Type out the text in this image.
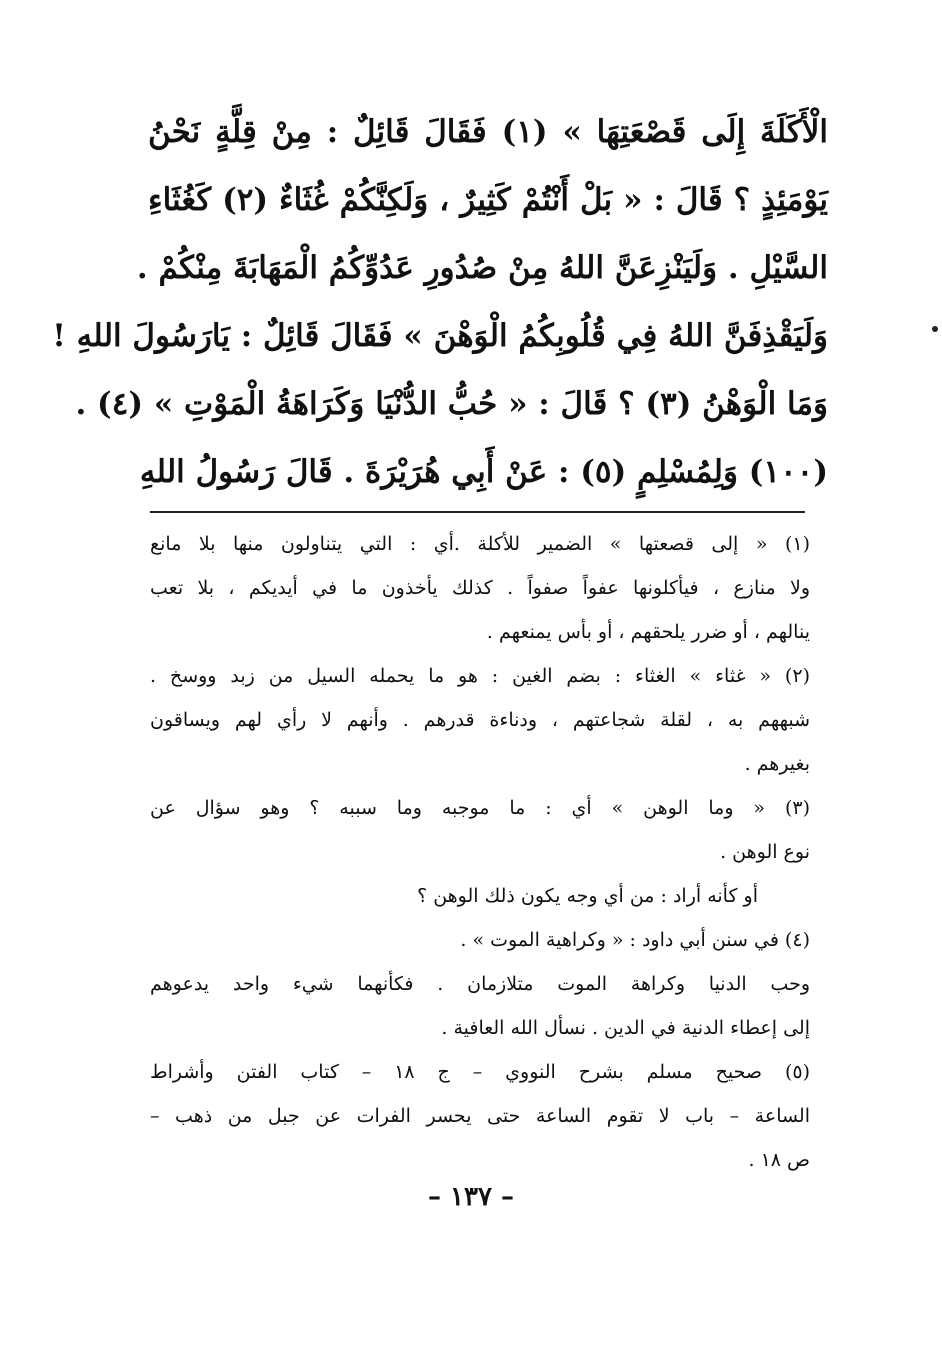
الْأَكَلَةَ إِلَى قَصْعَتِهَا » (١) فَقَالَ قَائِلٌ : مِنْ قِلَّةٍ نَحْنُ
يَوْمَئِذٍ ؟ قَالَ : « بَلْ أَنْتُمْ كَثِيرٌ ، وَلَكِنَّكُمْ غُثَاءٌ (٢) كَغُثَاءِ
السَّيْلِ . وَلَيَنْزِعَنَّ اللهُ مِنْ صُدُورِ عَدُوِّكُمُ الْمَهَابَةَ مِنْكُمْ .
وَلَيَقْذِفَنَّ اللهُ فِي قُلُوبِكُمُ الْوَهْنَ » فَقَالَ قَائِلٌ : يَارَسُولَ اللهِ !
وَمَا الْوَهْنُ (٣) ؟ قَالَ : « حُبُّ الدُّنْيَا وَكَرَاهَةُ الْمَوْتِ » (٤) .
(١٠٠) وَلِمُسْلِمٍ (٥) : عَنْ أَبِي هُرَيْرَةَ . قَالَ رَسُولُ اللهِ
(١) « إلى قصعتها » الضمير للأكلة .أي : التي يتناولون منها بلا مانع
ولا منازع ، فيأكلونها عفواً صفواً . كذلك يأخذون ما في أيديكم ، بلا تعب
ينالهم ، أو ضرر يلحقهم ، أو بأس يمنعهم .
(٢) « غثاء » الغثاء : بضم الغين : هو ما يحمله السيل من زبد ووسخ .
شبههم به ، لقلة شجاعتهم ، ودناءة قدرهم . وأنهم لا رأي لهم ويساقون
بغيرهم .
(٣) « وما الوهن » أي : ما موجبه وما سببه ؟ وهو سؤال عن
نوع الوهن .
أو كأنه أراد : من أي وجه يكون ذلك الوهن ؟
(٤) في سنن أبي داود : « وكراهية الموت » .
وحب الدنيا وكراهة الموت متلازمان . فكأنهما شيء واحد يدعوهم
إلى إعطاء الدنية في الدين . نسأل الله العافية .
(٥) صحيح مسلم بشرح النووي – ج ١٨ – كتاب الفتن وأشراط
الساعة – باب لا تقوم الساعة حتى يحسر الفرات عن جبل من ذهب –
ص ١٨ .
– ١٣٧ –
